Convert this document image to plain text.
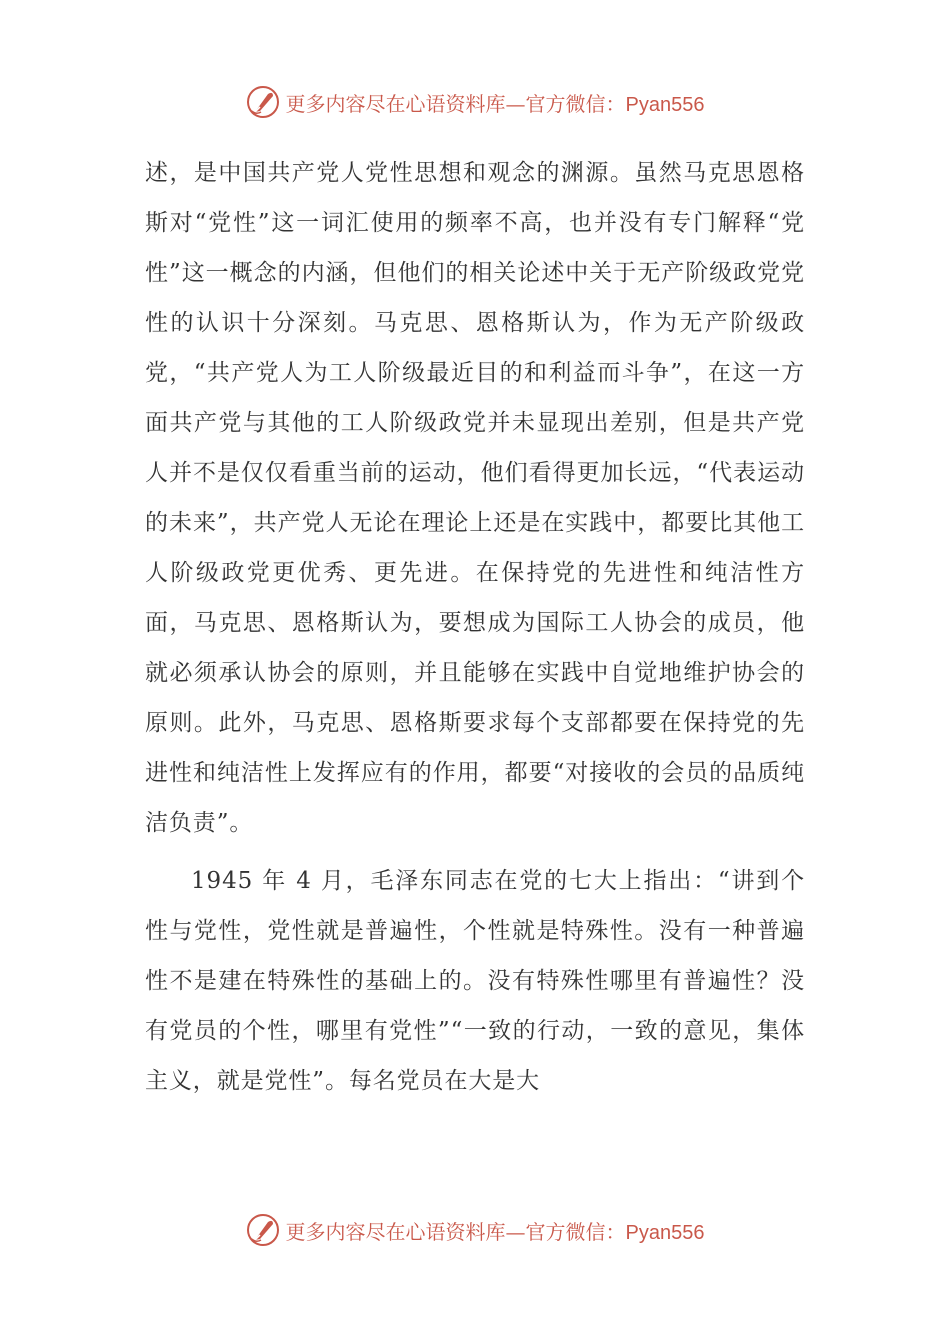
更多内容尽在心语资料库—官方微信：Pyan556

述，是中国共产党人党性思想和观念的渊源。虽然马克思恩格斯对“党性”这一词汇使用的频率不高，也并没有专门解释“党性”这一概念的内涵，但他们的相关论述中关于无产阶级政党党性的认识十分深刻。马克思、恩格斯认为，作为无产阶级政党，“共产党人为工人阶级最近目的和利益而斗争”，在这一方面共产党与其他的工人阶级政党并未显现出差别，但是共产党人并不是仅仅看重当前的运动，他们看得更加长远，“代表运动的未来”，共产党人无论在理论上还是在实践中，都要比其他工人阶级政党更优秀、更先进。在保持党的先进性和纯洁性方面，马克思、恩格斯认为，要想成为国际工人协会的成员，他就必须承认协会的原则，并且能够在实践中自觉地维护协会的原则。此外，马克思、恩格斯要求每个支部都要在保持党的先进性和纯洁性上发挥应有的作用，都要“对接收的会员的品质纯洁负责”。

1945 年 4 月，毛泽东同志在党的七大上指出：“讲到个性与党性，党性就是普遍性，个性就是特殊性。没有一种普遍性不是建在特殊性的基础上的。没有特殊性哪里有普遍性？没有党员的个性，哪里有党性”“一致的行动，一致的意见，集体主义，就是党性”。每名党员在大是大

更多内容尽在心语资料库—官方微信：Pyan556
